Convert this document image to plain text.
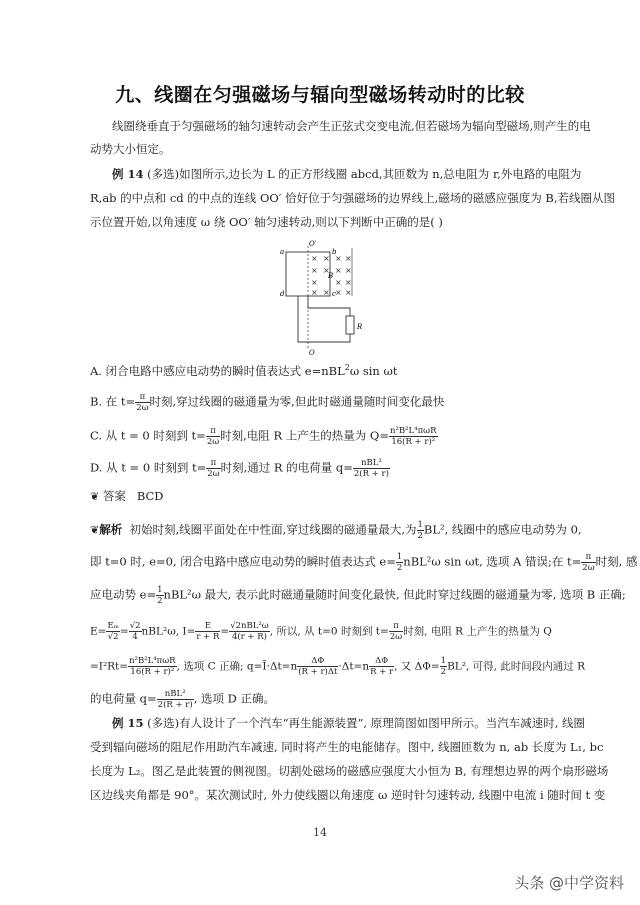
九、线圈在匀强磁场与辐向型磁场转动时的比较
线圈绕垂直于匀强磁场的轴匀速转动会产生正弦式交变电流,但若磁场为辐向型磁场,则产生的电
动势大小恒定。
例 14 (多选)如图所示,边长为 L 的正方形线圈 abcd,其匝数为 n,总电阻为 r,外电路的电阻为
R,ab 的中点和 cd 的中点的连线 OO′ 恰好位于匀强磁场的边界线上,磁场的磁感应强度为 B,若线圈从图
示位置开始,以角速度 ω 绕 OO′ 轴匀速转动,则以下判断中正确的是( )
× × × ×
× × × ×
× × ×
× × × ×
O′
O
a	b
c
d
B
R
A. 闭合电路中感应电动势的瞬时值表达式 e=nBL$^2$ω sin ωt
B. 在 $t= \frac{\pi}{2\omega}$ 时刻,穿过线圈的磁通量为零,但此时磁通量随时间变化最快
C. 从 t = 0 时刻到 $t= \frac{\pi}{2\omega}$ 时刻,电阻 R 上产生的热量为 $Q= \frac{\text{n²B²L⁴πωR}}{\text{16(R + r)²}}$
D. 从 t = 0 时刻到 $t= \frac{\pi}{2\omega}$ 时刻,通过 R 的电荷量 $q= \frac{\text{nBL²}}{2(R + r)}$
❦ 答案 BCD
❦解析 初始时刻,线圈平面处在中性面,穿过线圈的磁通量最大,为 $\frac{1}{2} BL^2$, 线圈中的感应电动势为 0,
即 t=0 时, e=0, 闭合电路中感应电动势的瞬时值表达式 $e= \frac{1}{2} nBL^2\omega$ sin ωt, 选项 A 错误;在 $t= \frac{\pi}{2\omega}$ 时刻, 感
应电动势 $e= \frac{1}{2} nBL^2\omega$ 最大, 表示此时磁通量随时间变化最快, 但此时穿过线圈的磁通量为零, 选项 B 正确;
$E= \frac{\text{Eₘ}}{√2} = \frac{√2}{4} nBL^2\omega$, $I= \frac{E}{r + R} = \frac{\text{√2nBL²ω}}{4(r + R)}$ , 所以, 从 t=0 时刻到 $t= \frac{\pi}{2\omega}$ 时刻, 电阻 R 上产生的热量为 Q
$=I^2Rt= \frac{\text{n²B²L⁴πωR}}{\text{16(R + r)²}}$ , 选项 C 正确; q=Ī·Δt=n $\frac{\Delta\Phi}{(R + r)\Delta t} \cdot\Delta t=n \frac{\Delta\Phi}{R + r}$ , 又 $\Delta\Phi= \frac{1}{2} BL^2$, 可得, 此时间段内通过 R
的电荷量 $q= \frac{\text{nBL²}}{2(R + r)}$ , 选项 D 正确。
例 15 (多选)有人设计了一个汽车“再生能源装置”, 原理简图如图甲所示。当汽车减速时, 线圈
受到辐向磁场的阻尼作用助汽车减速, 同时将产生的电能储存。图中, 线圈匝数为 n, ab 长度为 L₁, bc
长度为 L₂。图乙是此装置的侧视图。切割处磁场的磁感应强度大小恒为 B, 有理想边界的两个扇形磁场
区边线夹角都是 90°。某次测试时, 外力使线圈以角速度 ω 逆时针匀速转动, 线圈中电流 i 随时间 t 变
14
头条 @中学资料
